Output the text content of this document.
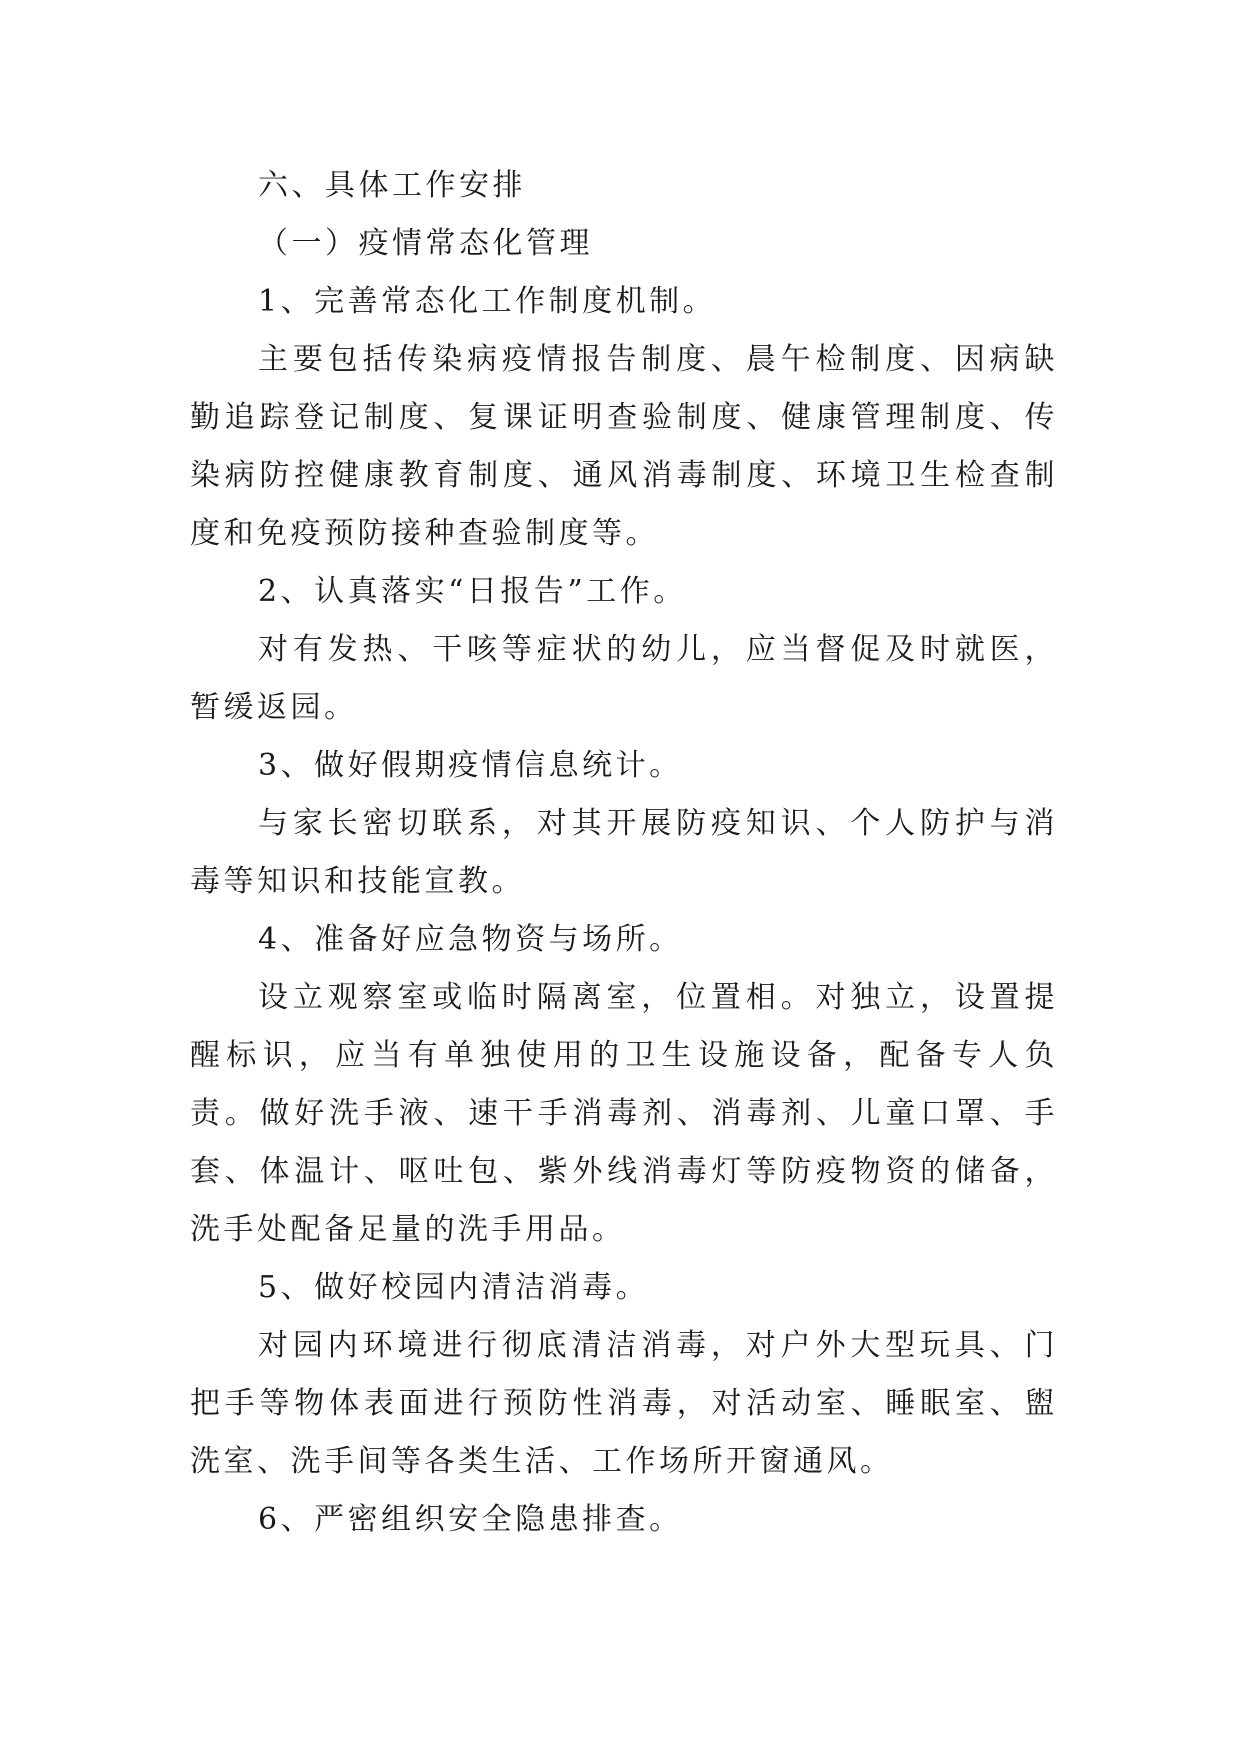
六、具体工作安排

（一）疫情常态化管理

1、完善常态化工作制度机制。

主要包括传染病疫情报告制度、晨午检制度、因病缺勤追踪登记制度、复课证明查验制度、健康管理制度、传染病防控健康教育制度、通风消毒制度、环境卫生检查制度和免疫预防接种查验制度等。

2、认真落实“日报告”工作。

对有发热、干咳等症状的幼儿，应当督促及时就医，暂缓返园。

3、做好假期疫情信息统计。

与家长密切联系，对其开展防疫知识、个人防护与消毒等知识和技能宣教。

4、准备好应急物资与场所。

设立观察室或临时隔离室，位置相。对独立，设置提醒标识，应当有单独使用的卫生设施设备，配备专人负责。做好洗手液、速干手消毒剂、消毒剂、儿童口罩、手套、体温计、呕吐包、紫外线消毒灯等防疫物资的储备，洗手处配备足量的洗手用品。

5、做好校园内清洁消毒。

对园内环境进行彻底清洁消毒，对户外大型玩具、门把手等物体表面进行预防性消毒，对活动室、睡眠室、盥洗室、洗手间等各类生活、工作场所开窗通风。

6、严密组织安全隐患排查。
